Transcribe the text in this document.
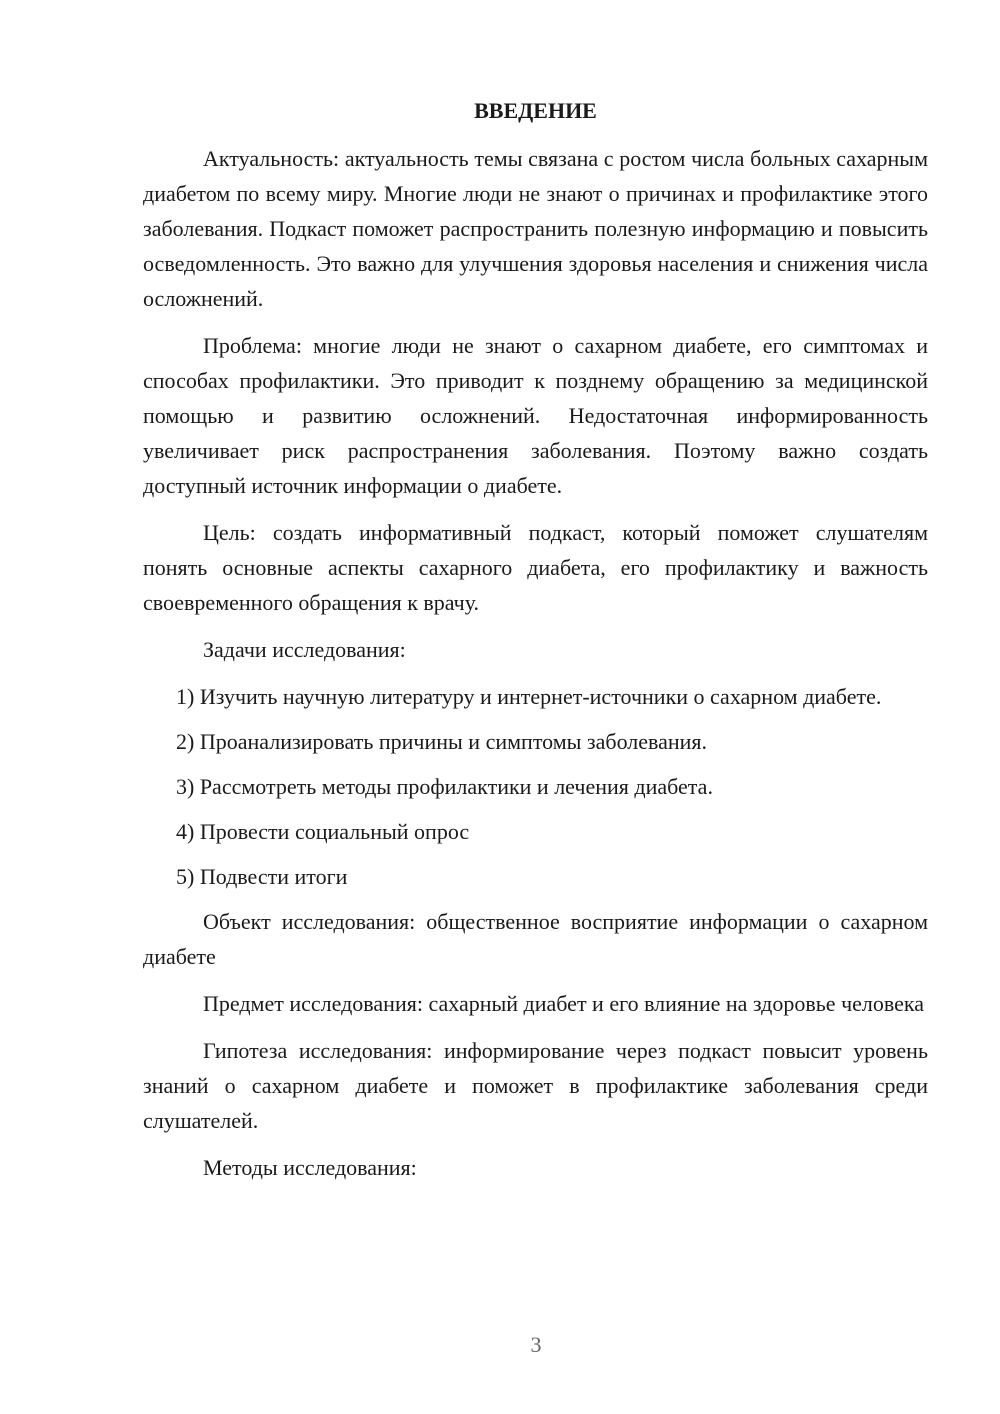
ВВЕДЕНИЕ

Актуальность: актуальность темы связана с ростом числа больных сахарным диабетом по всему миру. Многие люди не знают о причинах и профилактике этого заболевания. Подкаст поможет распространить полезную информацию и повысить осведомленность. Это важно для улучшения здоровья населения и снижения числа осложнений.

Проблема: многие люди не знают о сахарном диабете, его симптомах и способах профилактики. Это приводит к позднему обращению за медицинской помощью и развитию осложнений. Недостаточная информированность увеличивает риск распространения заболевания. Поэтому важно создать доступный источник информации о диабете.

Цель: создать информативный подкаст, который поможет слушателям понять основные аспекты сахарного диабета, его профилактику и важность своевременного обращения к врачу.

Задачи исследования:

1) Изучить научную литературу и интернет-источники о сахарном диабете.

2) Проанализировать причины и симптомы заболевания.

3) Рассмотреть методы профилактики и лечения диабета.

4) Провести социальный опрос

5) Подвести итоги

Объект исследования: общественное восприятие информации о сахарном диабете

Предмет исследования: сахарный диабет и его влияние на здоровье человека

Гипотеза исследования: информирование через подкаст повысит уровень знаний о сахарном диабете и поможет в профилактике заболевания среди слушателей.

Методы исследования:

3
